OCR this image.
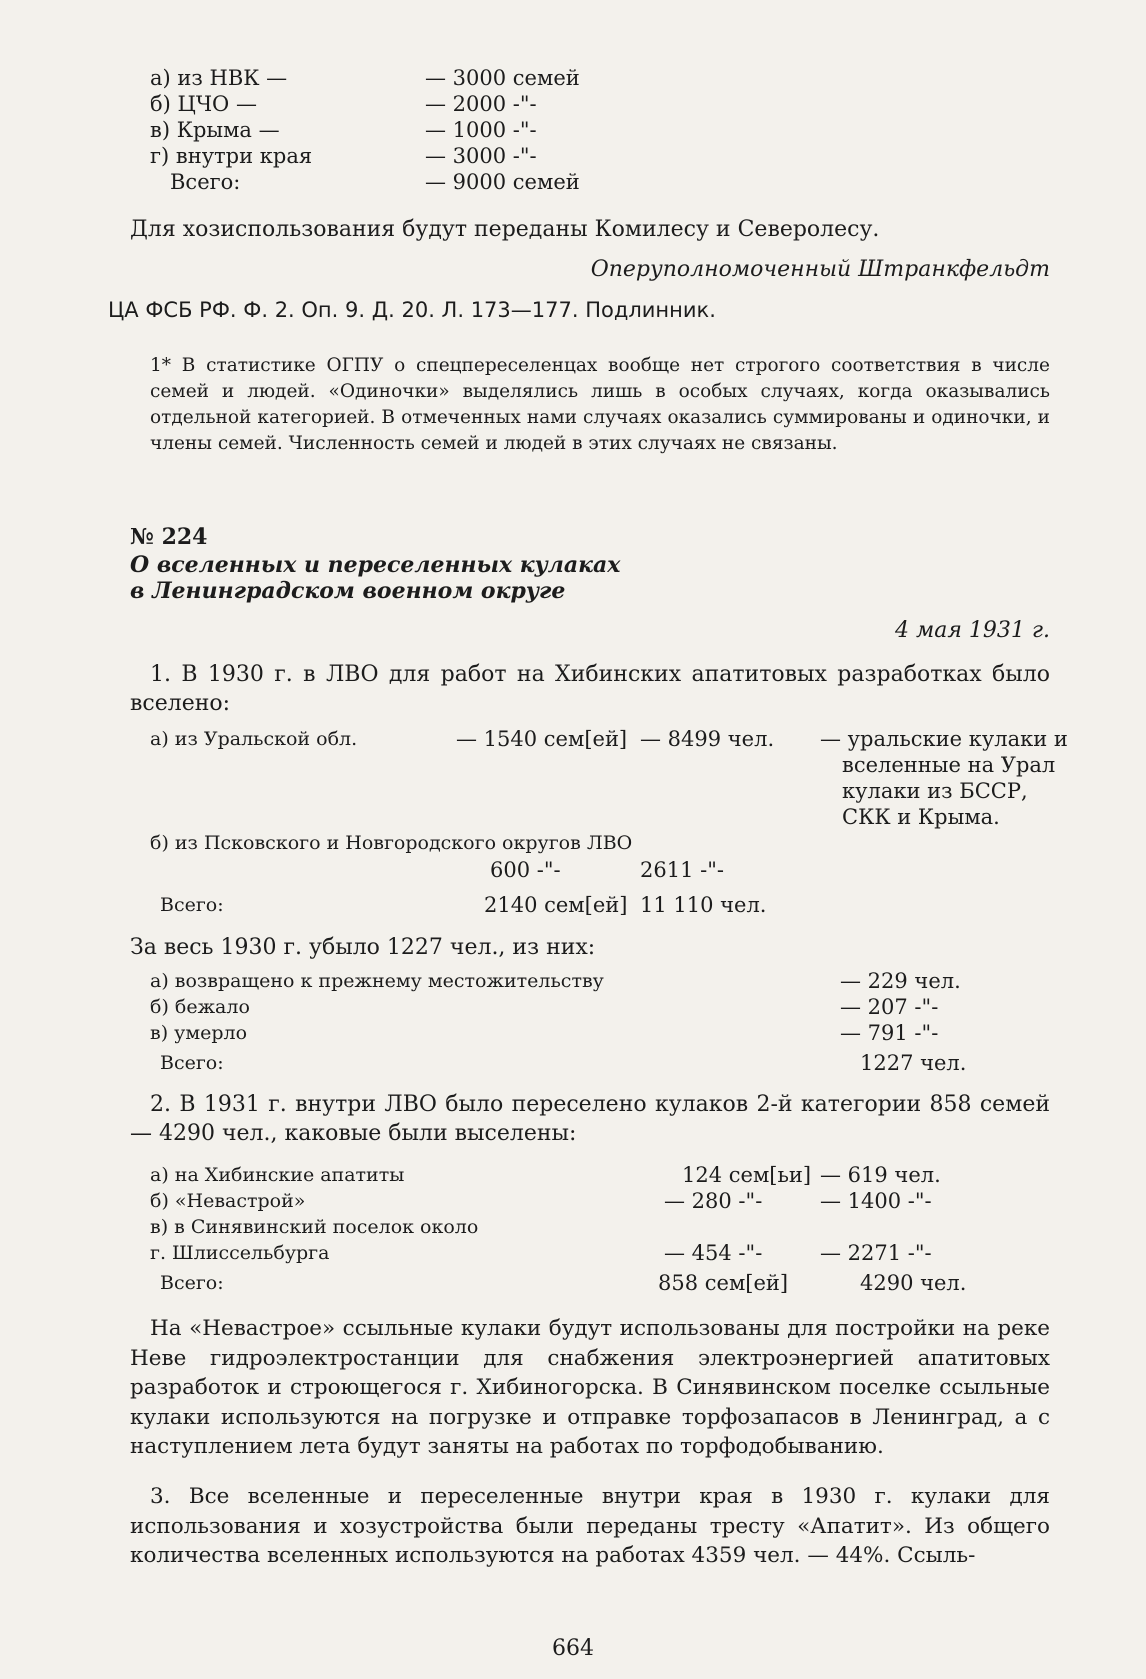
а) из НВК —	— 3000 семей
б) ЦЧО —	— 2000 -"-
в) Крыма —	— 1000 -"-
г) внутри края	— 3000 -"-
Всего:	— 9000 семей
Для хозиспользования будут переданы Комилесу и Северолесу.
Оперуполномоченный Штранкфельдт
ЦА ФСБ РФ. Ф. 2. Оп. 9. Д. 20. Л. 173—177. Подлинник.
1* В статистике ОГПУ о спецпереселенцах вообще нет строгого соответствия в числе семей и людей. «Одиночки» выделялись лишь в особых случаях, когда оказывались отдельной категорией. В отмеченных нами случаях оказались суммированы и одиночки, и члены семей. Численность семей и людей в этих случаях не связаны.
№ 224
О вселенных и переселенных кулаках
в Ленинградском военном округе
4 мая 1931 г.
1. В 1930 г. в ЛВО для работ на Хибинских апатитовых разработках было вселено:
а) из Уральской обл.	— 1540 сем[ей] — 8499 чел. — уральские кулаки и
вселенные на Урал
кулаки из БССР,
СКК и Крыма.
б) из Псковского и Новгородского округов ЛВО
600 -"-	2611 -"-
Всего:	2140 сем[ей] 11 110 чел.
За весь 1930 г. убыло 1227 чел., из них:
а) возвращено к прежнему местожительству	— 229 чел.
б) бежало	— 207 -"-
в) умерло	— 791 -"-
Всего:	1227 чел.
2. В 1931 г. внутри ЛВО было переселено кулаков 2-й категории 858 семей — 4290 чел., каковые были выселены:
а) на Хибинские апатиты	124 сем[ьи] — 619 чел.
б) «Невастрой»	— 280 -"-	— 1400 -"-
в) в Синявинский поселок около
г. Шлиссельбурга	— 454 -"-	— 2271 -"-
Всего:	858 сем[ей]	4290 чел.
На «Невастрое» ссыльные кулаки будут использованы для постройки на реке Неве гидроэлектростанции для снабжения электроэнергией апатитовых разработок и строющегося г. Хибиногорска. В Синявинском поселке ссыльные кулаки используются на погрузке и отправке торфозапасов в Ленинград, а с наступлением лета будут заняты на работах по торфодобыванию.
3. Все вселенные и переселенные внутри края в 1930 г. кулаки для использования и хозустройства были переданы тресту «Апатит». Из общего количества вселенных используются на работах 4359 чел. — 44%. Ссыль-
664
